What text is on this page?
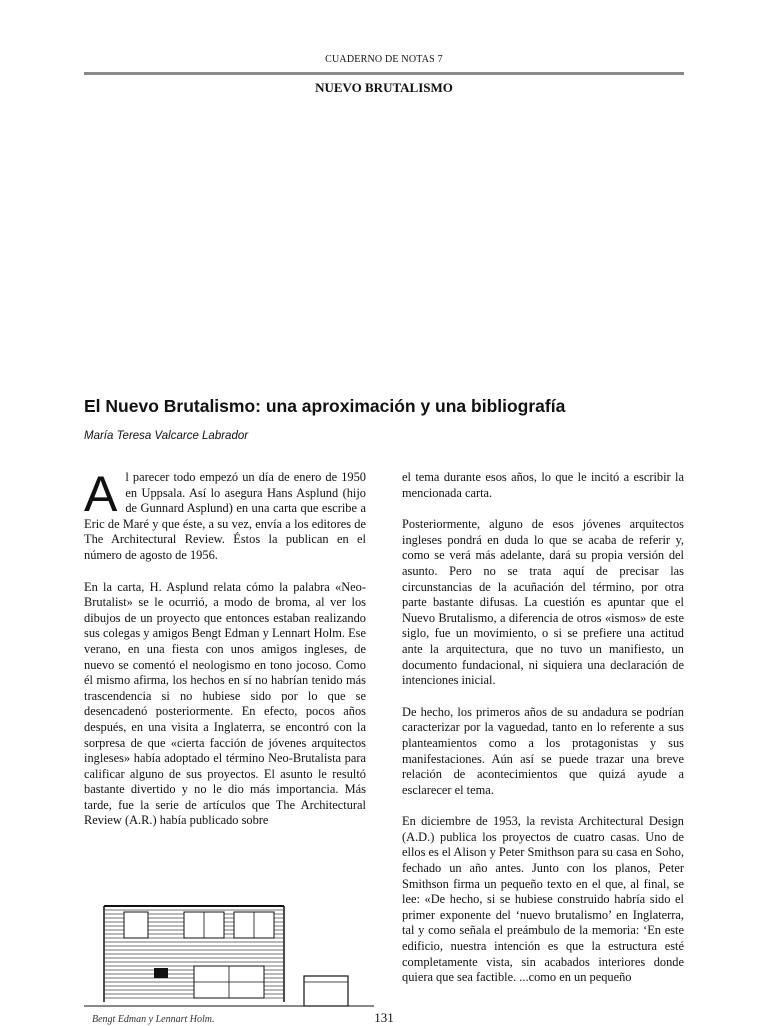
CUADERNO DE NOTAS 7
NUEVO BRUTALISMO
El Nuevo Brutalismo: una aproximación y una bibliografía
María Teresa Valcarce Labrador

Al parecer todo empezó un día de enero de 1950 en Uppsala. Así lo asegura Hans Asplund (hijo de Gunnard Asplund) en una carta que escribe a Eric de Maré y que éste, a su vez, envía a los editores de The Architectural Review. Éstos la publican en el número de agosto de 1956.

En la carta, H. Asplund relata cómo la palabra «Neo-Brutalist» se le ocurrió, a modo de broma, al ver los dibujos de un proyecto que entonces estaban realizando sus colegas y amigos Bengt Edman y Lennart Holm. Ese verano, en una fiesta con unos amigos ingleses, de nuevo se comentó el neologismo en tono jocoso. Como él mismo afirma, los hechos en sí no habrían tenido más trascendencia si no hubiese sido por lo que se desencadenó posteriormente. En efecto, pocos años después, en una visita a Inglaterra, se encontró con la sorpresa de que «cierta facción de jóvenes arquitectos ingleses» había adoptado el término Neo-Brutalista para calificar alguno de sus proyectos. El asunto le resultó bastante divertido y no le dio más importancia. Más tarde, fue la serie de artículos que The Architectural Review (A.R.) había publicado sobre

el tema durante esos años, lo que le incitó a escribir la mencionada carta.

Posteriormente, alguno de esos jóvenes arquitectos ingleses pondrá en duda lo que se acaba de referir y, como se verá más adelante, dará su propia versión del asunto. Pero no se trata aquí de precisar las circunstancias de la acuñación del término, por otra parte bastante difusas. La cuestión es apuntar que el Nuevo Brutalismo, a diferencia de otros «ismos» de este siglo, fue un movimiento, o si se prefiere una actitud ante la arquitectura, que no tuvo un manifiesto, un documento fundacional, ni siquiera una declaración de intenciones inicial.

De hecho, los primeros años de su andadura se podrían caracterizar por la vaguedad, tanto en lo referente a sus planteamientos como a los protagonistas y sus manifestaciones. Aún así se puede trazar una breve relación de acontecimientos que quizá ayude a esclarecer el tema.

En diciembre de 1953, la revista Architectural Design (A.D.) publica los proyectos de cuatro casas. Uno de ellos es el Alison y Peter Smithson para su casa en Soho, fechado un año antes. Junto con los planos, Peter Smithson firma un pequeño texto en el que, al final, se lee: «De hecho, si se hubiese construido habría sido el primer exponente del ‘nuevo brutalismo’ en Inglaterra, tal y como señala el preámbulo de la memoria: ‘En este edificio, nuestra intención es que la estructura esté completamente vista, sin acabados interiores donde quiera que sea factible. ...como en un pequeño

Bengt Edman y Lennart Holm.	131
